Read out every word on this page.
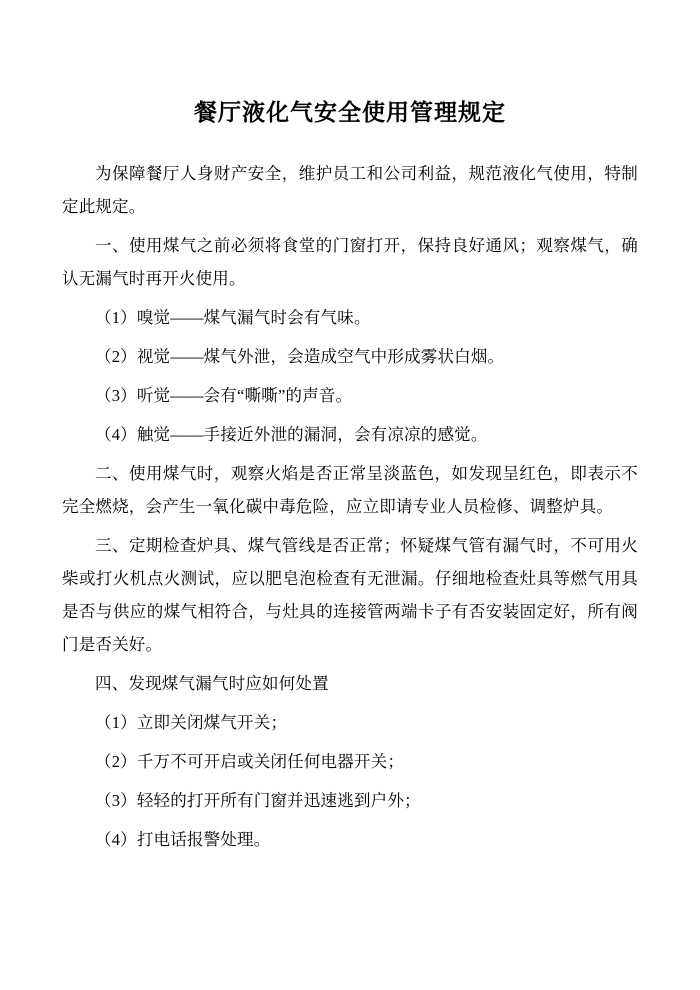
餐厅液化气安全使用管理规定

为保障餐厅人身财产安全，维护员工和公司利益，规范液化气使用，特制定此规定。

一、使用煤气之前必须将食堂的门窗打开，保持良好通风；观察煤气，确认无漏气时再开火使用。

（1）嗅觉——煤气漏气时会有气味。

（2）视觉——煤气外泄，会造成空气中形成雾状白烟。

（3）听觉——会有“嘶嘶”的声音。

（4）触觉——手接近外泄的漏洞，会有凉凉的感觉。

二、使用煤气时，观察火焰是否正常呈淡蓝色，如发现呈红色，即表示不完全燃烧，会产生一氧化碳中毒危险，应立即请专业人员检修、调整炉具。

三、定期检查炉具、煤气管线是否正常；怀疑煤气管有漏气时，不可用火柴或打火机点火测试，应以肥皂泡检查有无泄漏。仔细地检查灶具等燃气用具是否与供应的煤气相符合，与灶具的连接管两端卡子有否安装固定好，所有阀门是否关好。

四、发现煤气漏气时应如何处置

（1）立即关闭煤气开关；

（2）千万不可开启或关闭任何电器开关；

（3）轻轻的打开所有门窗并迅速逃到户外；

（4）打电话报警处理。
